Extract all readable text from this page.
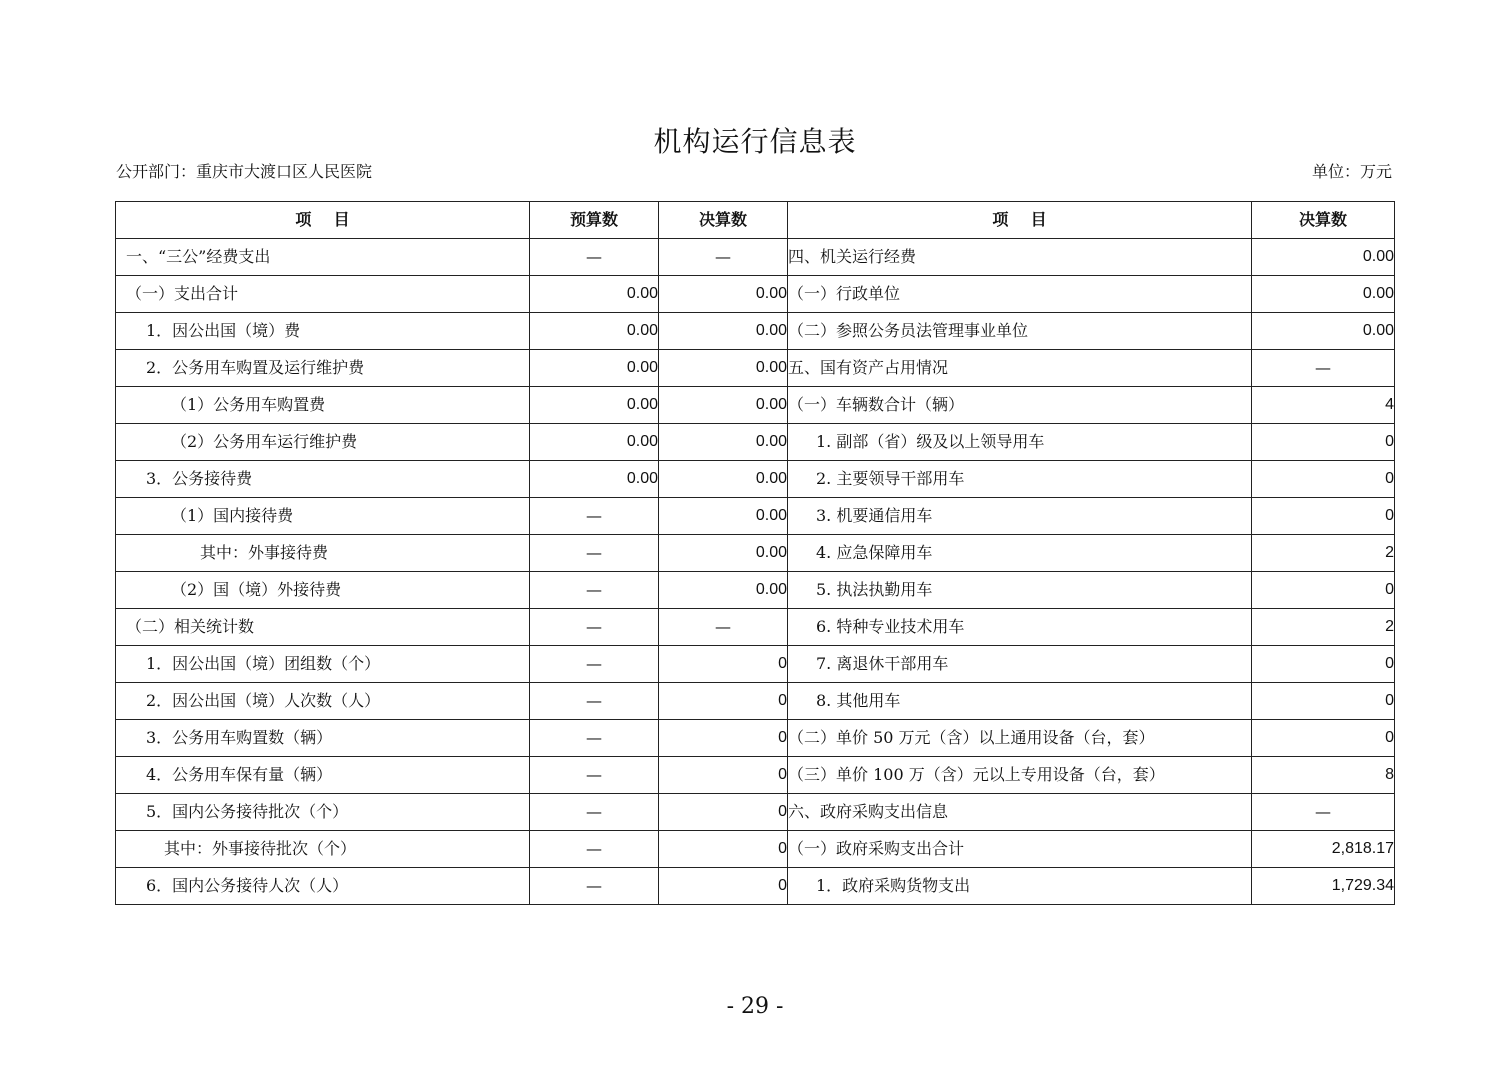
机构运行信息表
公开部门：重庆市大渡口区人民医院	单位：万元
项    目	预算数	决算数	项    目	决算数
一、“三公”经费支出	—	—	四、机关运行经费	0.00
（一）支出合计	0.00	0.00	（一）行政单位	0.00
1．因公出国（境）费	0.00	0.00	（二）参照公务员法管理事业单位	0.00
2．公务用车购置及运行维护费	0.00	0.00	五、国有资产占用情况	—
（1）公务用车购置费	0.00	0.00	（一）车辆数合计（辆）	4
（2）公务用车运行维护费	0.00	0.00	1. 副部（省）级及以上领导用车	0
3．公务接待费	0.00	0.00	2. 主要领导干部用车	0
（1）国内接待费	—	0.00	3. 机要通信用车	0
其中：外事接待费	—	0.00	4. 应急保障用车	2
（2）国（境）外接待费	—	0.00	5. 执法执勤用车	0
（二）相关统计数	—	—	6. 特种专业技术用车	2
1．因公出国（境）团组数（个）	—	0	7. 离退休干部用车	0
2．因公出国（境）人次数（人）	—	0	8. 其他用车	0
3．公务用车购置数（辆）	—	0	（二）单价 50 万元（含）以上通用设备（台，套）	0
4．公务用车保有量（辆）	—	0	（三）单价 100 万（含）元以上专用设备（台，套）	8
5．国内公务接待批次（个）	—	0	六、政府采购支出信息	—
其中：外事接待批次（个）	—	0	（一）政府采购支出合计	2,818.17
6．国内公务接待人次（人）	—	0	1．政府采购货物支出	1,729.34
- 29 -
